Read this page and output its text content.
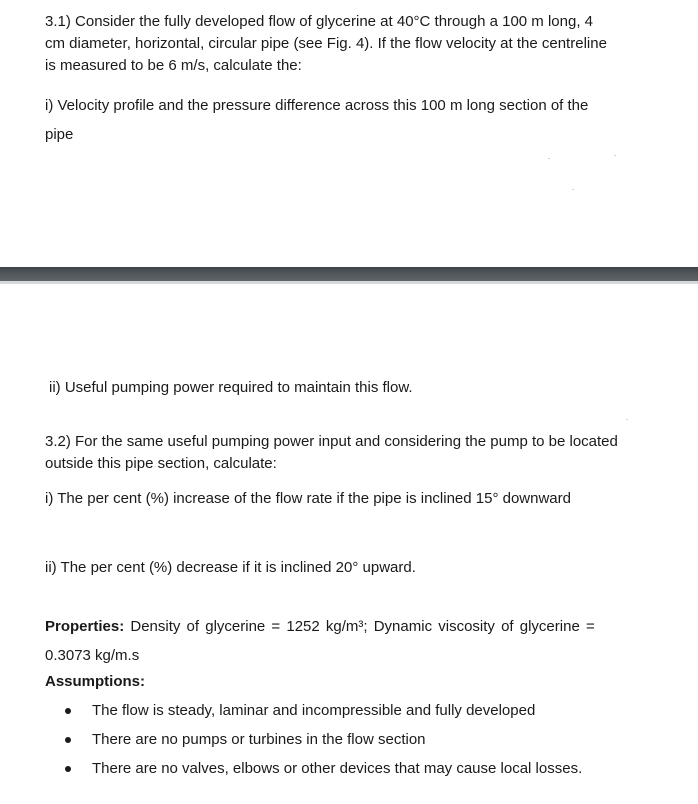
3.1) Consider the fully developed flow of glycerine at 40°C through a 100 m long, 4
cm diameter, horizontal, circular pipe (see Fig. 4). If the flow velocity at the centreline
is measured to be 6 m/s, calculate the:
i) Velocity profile and the pressure difference across this 100 m long section of the
pipe
ii) Useful pumping power required to maintain this flow.
3.2) For the same useful pumping power input and considering the pump to be located
outside this pipe section, calculate:
i) The per cent (%) increase of the flow rate if the pipe is inclined 15° downward
ii) The per cent (%) decrease if it is inclined 20° upward.
Properties: Density of glycerine = 1252 kg/m³; Dynamic viscosity of glycerine =
0.3073 kg/m.s
Assumptions:
The flow is steady, laminar and incompressible and fully developed
There are no pumps or turbines in the flow section
There are no valves, elbows or other devices that may cause local losses.
